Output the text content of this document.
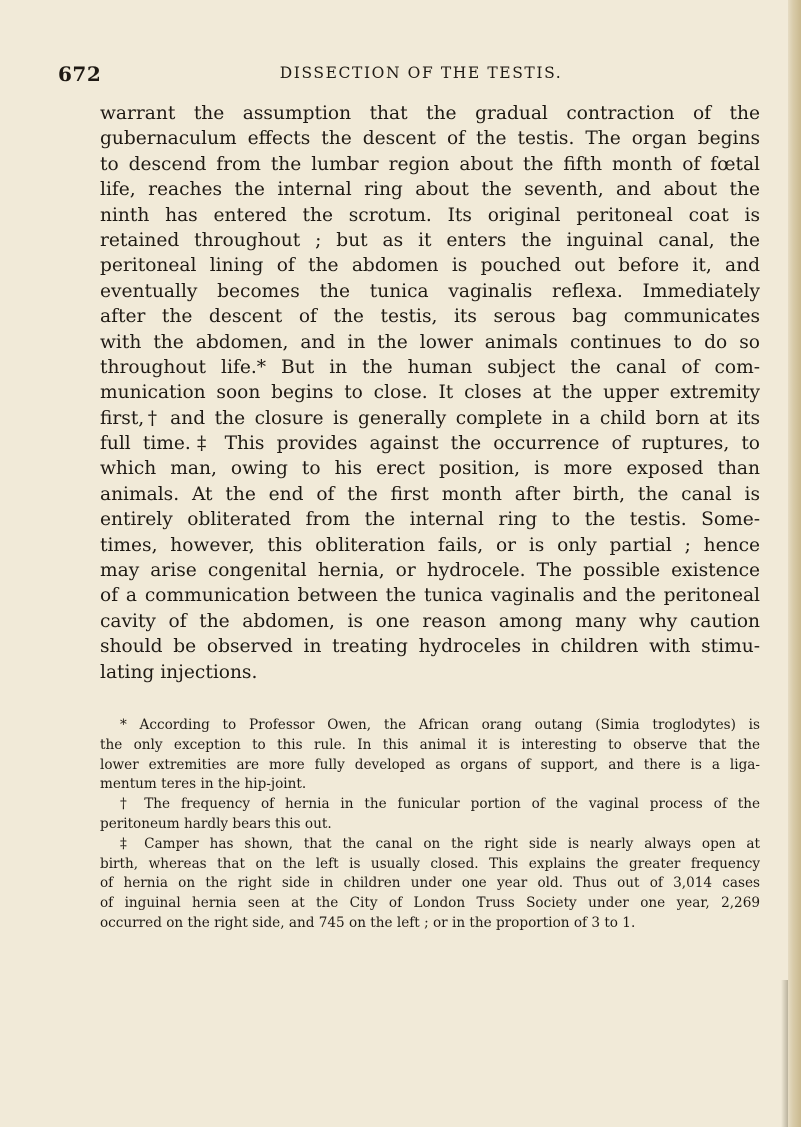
672	DISSECTION OF THE TESTIS.
warrant the assumption that the gradual contraction of the
gubernaculum effects the descent of the testis. The organ begins
to descend from the lumbar region about the fifth month of fœtal
life, reaches the internal ring about the seventh, and about the
ninth has entered the scrotum. Its original peritoneal coat is
retained throughout ; but as it enters the inguinal canal, the
peritoneal lining of the abdomen is pouched out before it, and
eventually becomes the tunica vaginalis reflexa. Immediately
after the descent of the testis, its serous bag communicates
with the abdomen, and in the lower animals continues to do so
throughout life.* But in the human subject the canal of com-
munication soon begins to close. It closes at the upper extremity
first,† and the closure is generally complete in a child born at its
full time.‡ This provides against the occurrence of ruptures, to
which man, owing to his erect position, is more exposed than
animals. At the end of the first month after birth, the canal is
entirely obliterated from the internal ring to the testis. Some-
times, however, this obliteration fails, or is only partial ; hence
may arise congenital hernia, or hydrocele. The possible existence
of a communication between the tunica vaginalis and the peritoneal
cavity of the abdomen, is one reason among many why caution
should be observed in treating hydroceles in children with stimu-
lating injections.
* According to Professor Owen, the African orang outang (Simia troglodytes) is
the only exception to this rule. In this animal it is interesting to observe that the
lower extremities are more fully developed as organs of support, and there is a liga-
mentum teres in the hip-joint.
† The frequency of hernia in the funicular portion of the vaginal process of the
peritoneum hardly bears this out.
‡ Camper has shown, that the canal on the right side is nearly always open at
birth, whereas that on the left is usually closed. This explains the greater frequency
of hernia on the right side in children under one year old. Thus out of 3,014 cases
of inguinal hernia seen at the City of London Truss Society under one year, 2,269
occurred on the right side, and 745 on the left ; or in the proportion of 3 to 1.
